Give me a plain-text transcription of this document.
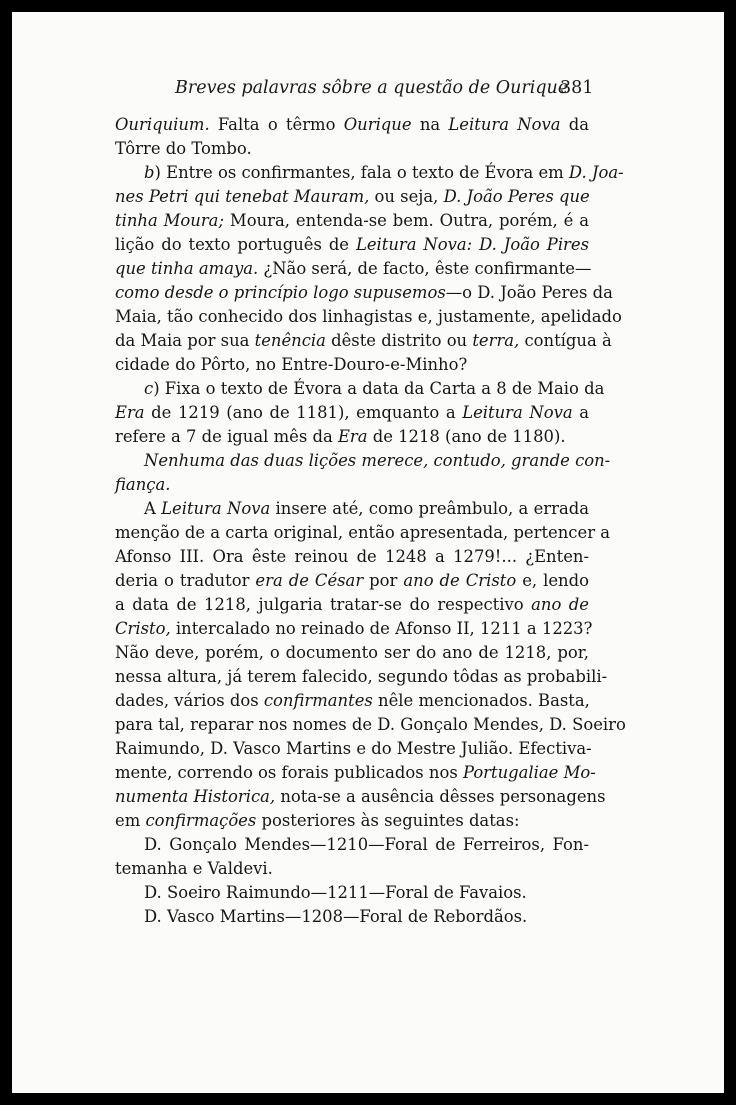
Breves palavras sôbre a questão de Ourique
381
Ouriquium. Falta o têrmo Ourique na Leitura Nova da
Tôrre do Tombo.
b) Entre os confirmantes, fala o texto de Évora em D. Joa-
nes Petri qui tenebat Mauram, ou seja, D. João Peres que
tinha Moura; Moura, entenda-se bem. Outra, porém, é a
lição do texto português de Leitura Nova: D. João Pires
que tinha amaya. ¿Não será, de facto, êste confirmante—
como desde o princípio logo supusemos—o D. João Peres da
Maia, tão conhecido dos linhagistas e, justamente, apelidado
da Maia por sua tenência dêste distrito ou terra, contígua à
cidade do Pôrto, no Entre-Douro-e-Minho?
c) Fixa o texto de Évora a data da Carta a 8 de Maio da
Era de 1219 (ano de 1181), emquanto a Leitura Nova a
refere a 7 de igual mês da Era de 1218 (ano de 1180).
Nenhuma das duas lições merece, contudo, grande con-
fiança.
A Leitura Nova insere até, como preâmbulo, a errada
menção de a carta original, então apresentada, pertencer a
Afonso III. Ora êste reinou de 1248 a 1279!... ¿Enten-
deria o tradutor era de César por ano de Cristo e, lendo
a data de 1218, julgaria tratar-se do respectivo ano de
Cristo, intercalado no reinado de Afonso II, 1211 a 1223?
Não deve, porém, o documento ser do ano de 1218, por,
nessa altura, já terem falecido, segundo tôdas as probabili-
dades, vários dos confirmantes nêle mencionados. Basta,
para tal, reparar nos nomes de D. Gonçalo Mendes, D. Soeiro
Raimundo, D. Vasco Martins e do Mestre Julião. Efectiva-
mente, correndo os forais publicados nos Portugaliae Mo-
numenta Historica, nota-se a ausência dêsses personagens
em confirmações posteriores às seguintes datas:
D. Gonçalo Mendes—1210—Foral de Ferreiros, Fon-
temanha e Valdevi.
D. Soeiro Raimundo—1211—Foral de Favaios.
D. Vasco Martins—1208—Foral de Rebordãos.
